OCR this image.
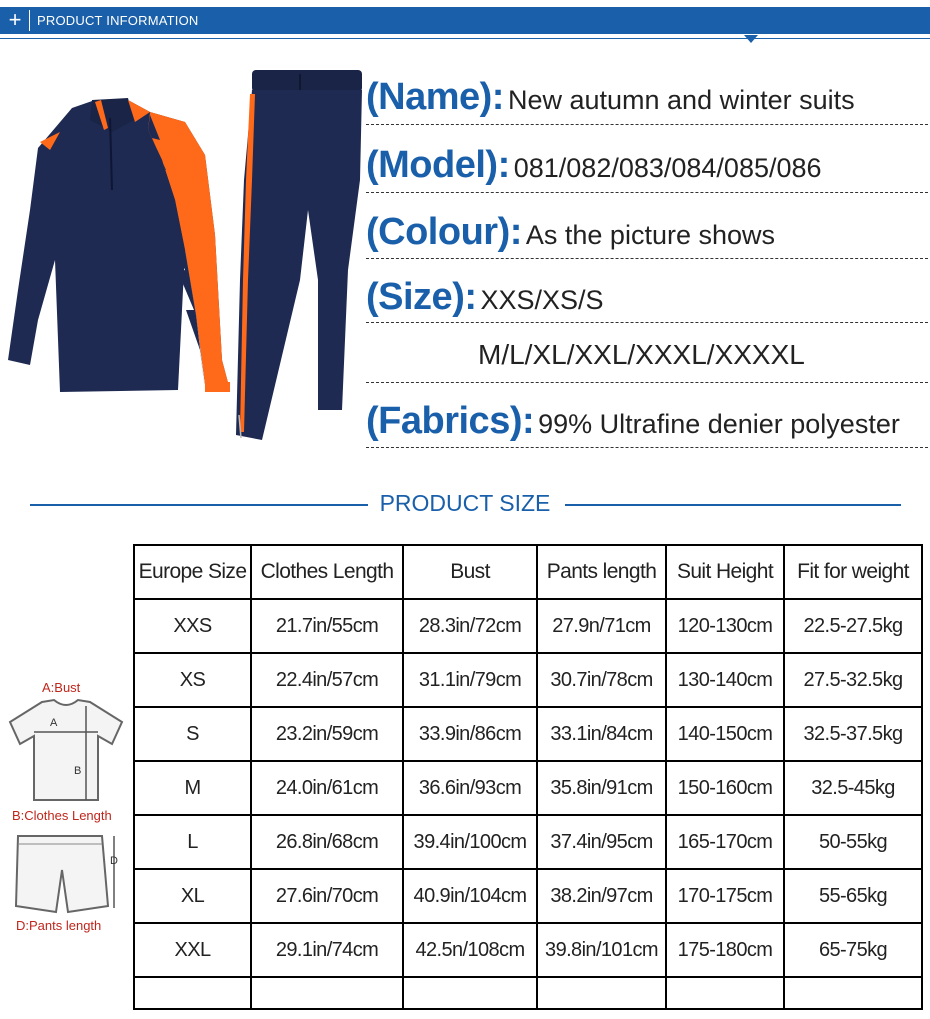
+	PRODUCT INFORMATION
(Name): New autumn and winter suits
(Model): 081/082/083/084/085/086
(Colour): As the picture shows
(Size): XXS/XS/S
M/L/XL/XXL/XXXL/XXXXL
(Fabrics): 99% Ultrafine denier polyester
PRODUCT SIZE
Europe Size	Clothes Length	Bust	Pants length	Suit Height	Fit for weight
XXS	21.7in/55cm	28.3in/72cm	27.9n/71cm	120-130cm	22.5-27.5kg
XS	22.4in/57cm	31.1in/79cm	30.7in/78cm	130-140cm	27.5-32.5kg
S	23.2in/59cm	33.9in/86cm	33.1in/84cm	140-150cm	32.5-37.5kg
M	24.0in/61cm	36.6in/93cm	35.8in/91cm	150-160cm	32.5-45kg
L	26.8in/68cm	39.4in/100cm	37.4in/95cm	165-170cm	50-55kg
XL	27.6in/70cm	40.9in/104cm	38.2in/97cm	170-175cm	55-65kg
XXL	29.1in/74cm	42.5n/108cm	39.8in/101cm	175-180cm	65-75kg

A:Bust
A
B
B:Clothes Length
D
D:Pants length
